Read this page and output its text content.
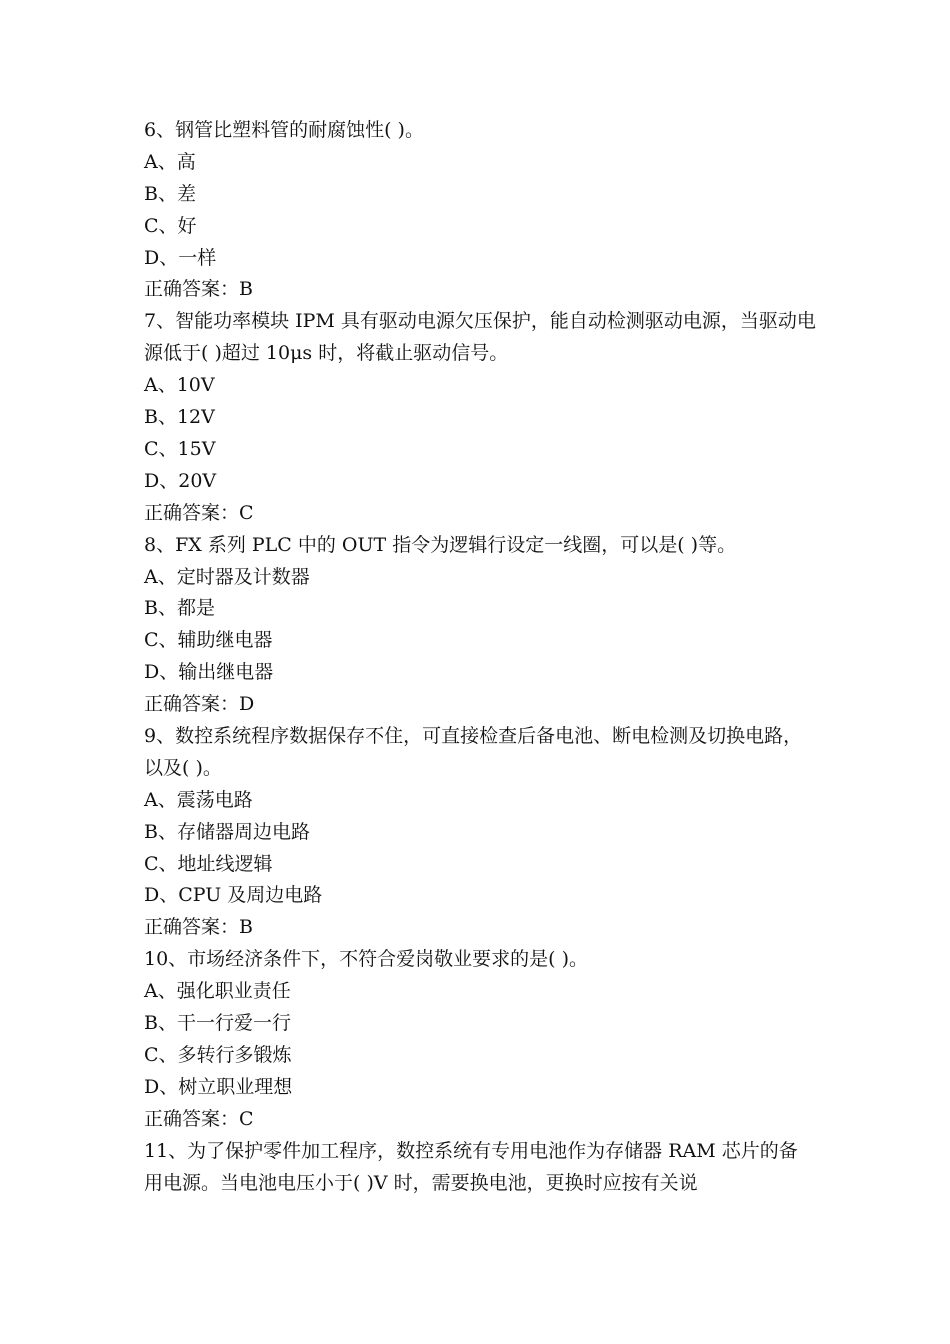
6、钢管比塑料管的耐腐蚀性( )。
A、高
B、差
C、好
D、一样
正确答案：B
7、智能功率模块 IPM 具有驱动电源欠压保护，能自动检测驱动电源，当驱动电源低于( )超过 10μs 时，将截止驱动信号。
A、10V
B、12V
C、15V
D、20V
正确答案：C
8、FX 系列 PLC 中的 OUT 指令为逻辑行设定一线圈，可以是( )等。
A、定时器及计数器
B、都是
C、辅助继电器
D、输出继电器
正确答案：D
9、数控系统程序数据保存不住，可直接检查后备电池、断电检测及切换电路，以及( )。
A、震荡电路
B、存储器周边电路
C、地址线逻辑
D、CPU 及周边电路
正确答案：B
10、市场经济条件下，不符合爱岗敬业要求的是( )。
A、强化职业责任
B、干一行爱一行
C、多转行多锻炼
D、树立职业理想
正确答案：C
11、为了保护零件加工程序，数控系统有专用电池作为存储器 RAM 芯片的备用电源。当电池电压小于( )V 时，需要换电池，更换时应按有关说
